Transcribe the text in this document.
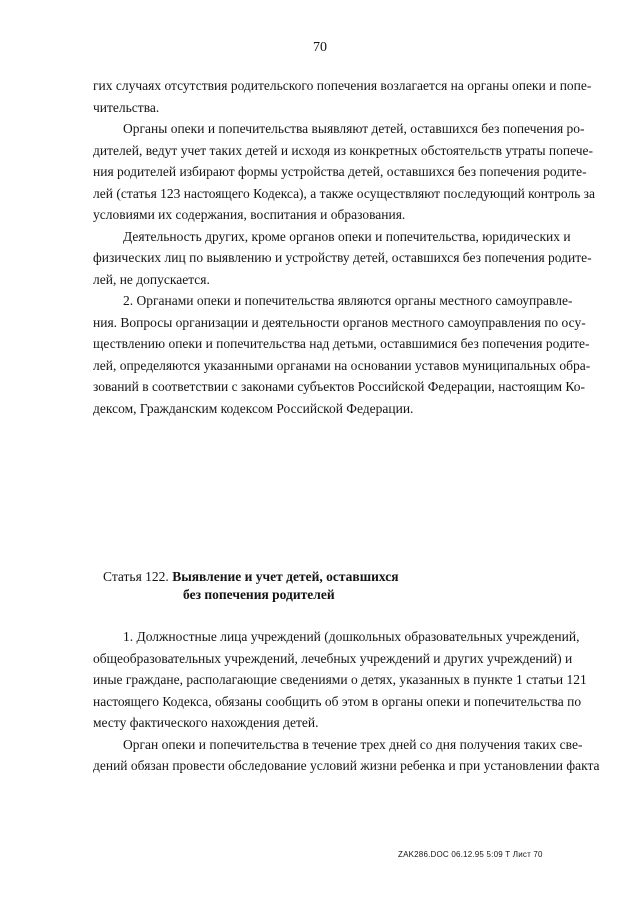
70
гих случаях отсутствия родительского попечения возлагается на органы опеки и попе-
чительства.
Органы опеки и попечительства выявляют детей, оставшихся без попечения ро-
дителей, ведут учет таких детей и исходя из конкретных обстоятельств утраты попече-
ния родителей избирают формы устройства детей, оставшихся без попечения родите-
лей (статья 123 настоящего Кодекса), а также осуществляют последующий контроль за
условиями их содержания, воспитания и образования.
Деятельность других, кроме органов опеки и попечительства, юридических и
физических лиц по выявлению и устройству детей, оставшихся без попечения родите-
лей, не допускается.
2. Органами опеки и попечительства являются органы местного самоуправле-
ния. Вопросы организации и деятельности органов местного самоуправления по осу-
ществлению опеки и попечительства над детьми, оставшимися без попечения родите-
лей, определяются указанными органами на основании уставов муниципальных обра-
зований в соответствии с законами субъектов Российской Федерации, настоящим Ко-
дексом, Гражданским кодексом Российской Федерации.
Статья 122. Выявление и учет детей, оставшихся
без попечения родителей
1. Должностные лица учреждений (дошкольных образовательных учреждений,
общеобразовательных учреждений, лечебных учреждений и других учреждений) и
иные граждане, располагающие сведениями о детях, указанных в пункте 1 статьи 121
настоящего Кодекса, обязаны сообщить об этом в органы опеки и попечительства по
месту фактического нахождения детей.
Орган опеки и попечительства в течение трех дней со дня получения таких све-
дений обязан провести обследование условий жизни ребенка и при установлении факта
ZAK286.DOC 06.12.95 5:09 Т Лист 70
